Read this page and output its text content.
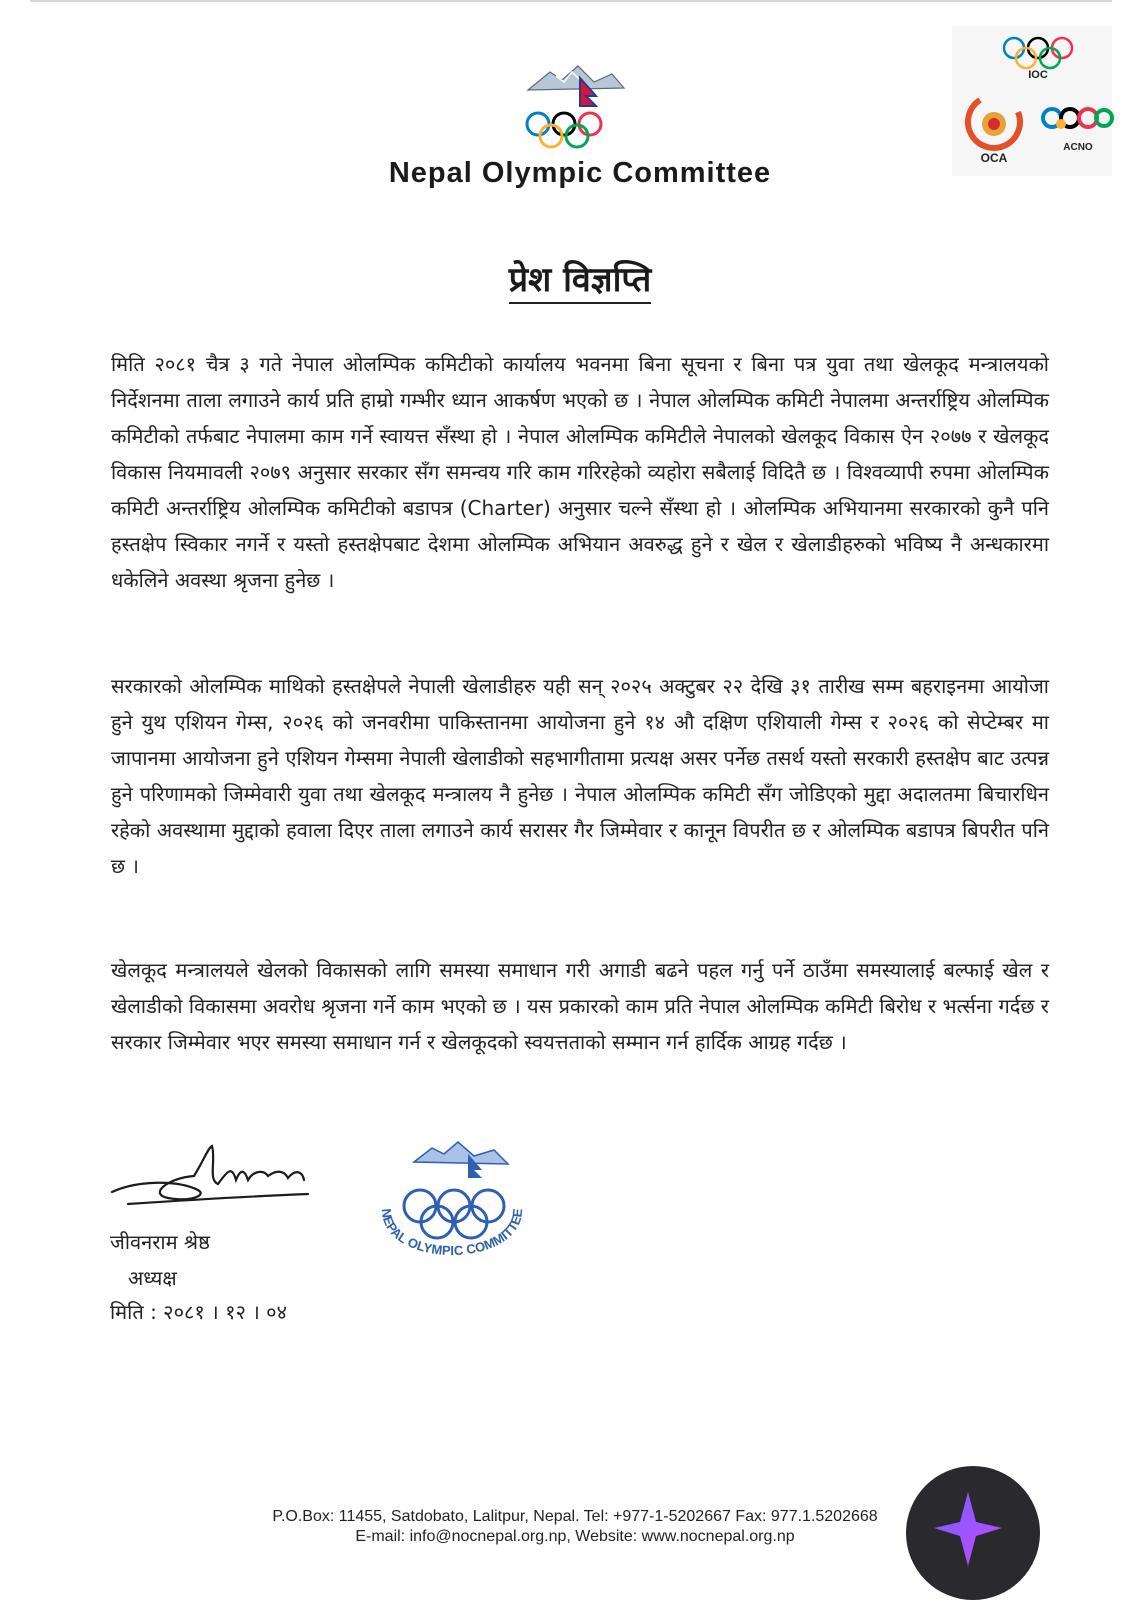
Nepal Olympic Committee
IOC
OCA
ACNO
प्रेश विज्ञप्ति

मिति २०८१ चैत्र ३ गते नेपाल ओलम्पिक कमिटीको कार्यालय भवनमा बिना सूचना र बिना पत्र युवा तथा खेलकूद मन्त्रालयको निर्देशनमा ताला लगाउने कार्य प्रति हाम्रो गम्भीर ध्यान आकर्षण भएको छ । नेपाल ओलम्पिक कमिटी नेपालमा अन्तर्राष्ट्रिय ओलम्पिक कमिटीको तर्फबाट नेपालमा काम गर्ने स्वायत्त सँस्था हो । नेपाल ओलम्पिक कमिटीले नेपालको खेलकूद विकास ऐन २०७७ र खेलकूद विकास नियमावली २०७९ अनुसार सरकार सँग समन्वय गरि काम गरिरहेको व्यहोरा सबैलाई विदितै छ । विश्वव्यापी रुपमा ओलम्पिक कमिटी अन्तर्राष्ट्रिय ओलम्पिक कमिटीको बडापत्र (Charter) अनुसार चल्ने सँस्था हो । ओलम्पिक अभियानमा सरकारको कुनै पनि हस्तक्षेप स्विकार नगर्ने र यस्तो हस्तक्षेपबाट देशमा ओलम्पिक अभियान अवरुद्ध हुने र खेल र खेलाडीहरुको भविष्य नै अन्धकारमा धकेलिने अवस्था श्रृजना हुनेछ ।

सरकारको ओलम्पिक माथिको हस्तक्षेपले नेपाली खेलाडीहरु यही सन् २०२५ अक्टुबर २२ देखि ३१ तारीख सम्म बहराइनमा आयोजा हुने युथ एशियन गेम्स, २०२६ को जनवरीमा पाकिस्तानमा आयोजना हुने १४ औ दक्षिण एशियाली गेम्स र २०२६ को सेप्टेम्बर मा जापानमा आयोजना हुने एशियन गेम्समा नेपाली खेलाडीको सहभागीतामा प्रत्यक्ष असर पर्नेछ तसर्थ यस्तो सरकारी हस्तक्षेप बाट उत्पन्न हुने परिणामको जिम्मेवारी युवा तथा खेलकूद मन्त्रालय नै हुनेछ । नेपाल ओलम्पिक कमिटी सँग जोडिएको मुद्दा अदालतमा बिचारधिन रहेको अवस्थामा मुद्दाको हवाला दिएर ताला लगाउने कार्य सरासर गैर जिम्मेवार र कानून विपरीत छ र ओलम्पिक बडापत्र बिपरीत पनि छ ।

खेलकूद मन्त्रालयले खेलको विकासको लागि समस्या समाधान गरी अगाडी बढने पहल गर्नु पर्ने ठाउँमा समस्यालाई बल्फाई खेल र खेलाडीको विकासमा अवरोध श्रृजना गर्ने काम भएको छ । यस प्रकारको काम प्रति नेपाल ओलम्पिक कमिटी बिरोध र भर्त्सना गर्दछ र सरकार जिम्मेवार भएर समस्या समाधान गर्न र खेलकूदको स्वयत्तताको सम्मान गर्न हार्दिक आग्रह गर्दछ ।

जीवनराम श्रेष्ठ
अध्यक्ष
मिति : २०८१ । १२ । ०४
NEPAL OLYMPIC COMMITTEE
P.O.Box: 11455, Satdobato, Lalitpur, Nepal. Tel: +977-1-5202667 Fax: 977.1.5202668
E-mail: info@nocnepal.org.np, Website: www.nocnepal.org.np
